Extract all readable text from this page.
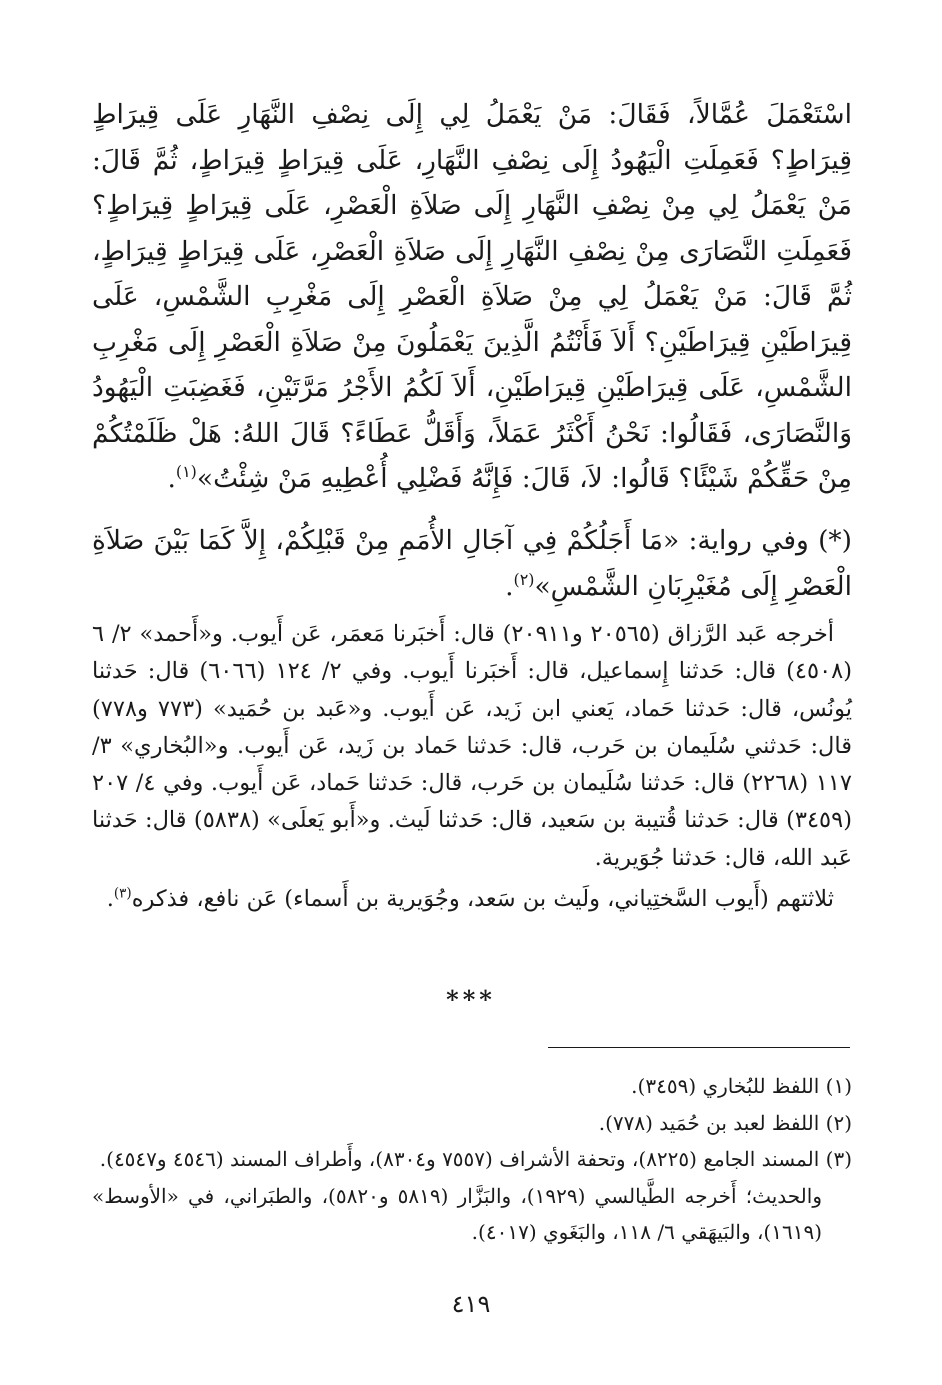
اسْتَعْمَلَ عُمَّالاً، فَقَالَ: مَنْ يَعْمَلُ لِي إِلَى نِصْفِ النَّهَارِ عَلَى قِيرَاطٍ قِيرَاطٍ؟ فَعَمِلَتِ الْيَهُودُ إِلَى نِصْفِ النَّهَارِ، عَلَى قِيرَاطٍ قِيرَاطٍ، ثُمَّ قَالَ: مَنْ يَعْمَلُ لِي مِنْ نِصْفِ النَّهَارِ إِلَى صَلاَةِ الْعَصْرِ، عَلَى قِيرَاطٍ قِيرَاطٍ؟ فَعَمِلَتِ النَّصَارَى مِنْ نِصْفِ النَّهَارِ إِلَى صَلاَةِ الْعَصْرِ، عَلَى قِيرَاطٍ قِيرَاطٍ، ثُمَّ قَالَ: مَنْ يَعْمَلُ لِي مِنْ صَلاَةِ الْعَصْرِ إِلَى مَغْرِبِ الشَّمْسِ، عَلَى قِيرَاطَيْنِ قِيرَاطَيْنِ؟ أَلاَ فَأَنْتُمُ الَّذِينَ يَعْمَلُونَ مِنْ صَلاَةِ الْعَصْرِ إِلَى مَغْرِبِ الشَّمْسِ، عَلَى قِيرَاطَيْنِ قِيرَاطَيْنِ، أَلاَ لَكُمُ الأَجْرُ مَرَّتَيْنِ، فَغَضِبَتِ الْيَهُودُ وَالنَّصَارَى، فَقَالُوا: نَحْنُ أَكْثَرُ عَمَلاً، وَأَقَلُّ عَطَاءً؟ قَالَ اللهُ: هَلْ ظَلَمْتُكُمْ مِنْ حَقِّكُمْ شَيْئًا؟ قَالُوا: لاَ، قَالَ: فَإِنَّهُ فَضْلِي أُعْطِيهِ مَنْ شِئْتُ»$^{(١)}$.

(*) وفي رواية: «مَا أَجَلُكُمْ فِي آجَالِ الأُمَمِ مِنْ قَبْلِكُمْ، إِلاَّ كَمَا بَيْنَ صَلاَةِ الْعَصْرِ إِلَى مُغَيْرِبَانِ الشَّمْسِ»$^{(٢)}$.

أخرجه عَبد الرَّزاق (٢٠٥٦٥ و٢٠٩١١) قال: أَخبَرنا مَعمَر، عَن أَيوب. و«أَحمد» ٢/ ٦ (٤٥٠٨) قال: حَدثنا إِسماعيل، قال: أَخبَرنا أَيوب. وفي ٢/ ١٢٤ (٦٠٦٦) قال: حَدثنا يُونُس، قال: حَدثنا حَماد، يَعني ابن زَيد، عَن أَيوب. و«عَبد بن حُمَيد» (٧٧٣ و٧٧٨) قال: حَدثني سُلَيمان بن حَرب، قال: حَدثنا حَماد بن زَيد، عَن أَيوب. و«البُخاري» ٣/ ١١٧ (٢٢٦٨) قال: حَدثنا سُلَيمان بن حَرب، قال: حَدثنا حَماد، عَن أَيوب. وفي ٤/ ٢٠٧ (٣٤٥٩) قال: حَدثنا قُتيبة بن سَعيد، قال: حَدثنا لَيث. و«أَبو يَعلَى» (٥٨٣٨) قال: حَدثنا عَبد الله، قال: حَدثنا جُوَيرية.

ثلاثتهم (أَيوب السَّختِياني، ولَيث بن سَعد، وجُوَيرية بن أَسماء) عَن نافع، فذكره$^{(٣)}$.

***

(١) اللفظ للبُخاري (٣٤٥٩).

(٢) اللفظ لعبد بن حُمَيد (٧٧٨).

(٣) المسند الجامع (٨٢٢٥)، وتحفة الأشراف (٧٥٥٧ و٨٣٠٤)، وأَطراف المسند (٤٥٤٦ و٤٥٤٧).

والحديث؛ أَخرجه الطَّيالسي (١٩٢٩)، والبَزَّار (٥٨١٩ و٥٨٢٠)، والطبَراني، في «الأوسط» (١٦١٩)، والبَيهَقي ٦/ ١١٨، والبَغَوي (٤٠١٧).

٤١٩
